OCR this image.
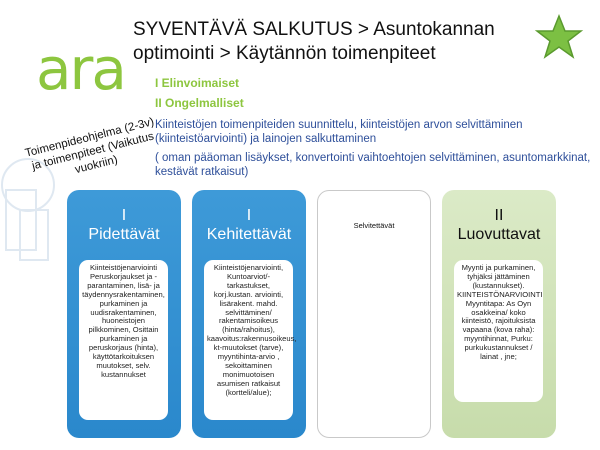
ara
SYVENTÄVÄ SALKUTUS > Asuntokannan optimointi > Käytännön toimenpiteet

I Elinvoimaiset

II Ongelmalliset

Kiinteistöjen toimenpiteiden suunnittelu, kiinteistöjen arvon selvittäminen (kiinteistöarviointi) ja lainojen salkuttaminen

( oman pääoman lisäykset, konvertointi vaihtoehtojen selvittäminen, asuntomarkkinat, kestävät ratkaisut)

Toimenpideohjelma (2-3v) ja toimenpiteet (Vaikutus vuokriin)
I
Pidettävät
Kiinteistöjenarviointi Peruskorjaukset ja -parantaminen, lisä- ja täydennysrakentaminen, purkaminen ja uudisrakentaminen, huoneistojen pilkkominen, Osittain purkaminen ja peruskorjaus (hinta), käyttötarkoituksen muutokset, selv. kustannukset
I
Kehitettävät
Kiinteistöjenarviointi, Kuntoarviot/-tarkastukset, korj.kustan. arviointi, lisärakent. mahd. selvittäminen/ rakentamisoikeus (hinta/rahoitus), kaavoitus:rakennusoikeus, kt-muutokset (tarve), myyntihinta-arvio , sekoittaminen monimuotoisen asumisen ratkaisut (kortteli/alue);
Selvitettävät
II
Luovuttavat
Myynti ja purkaminen, tyhjäksi jättäminen (kustannukset). KIINTEISTÖNARVIOINTI Myyntitapa: As Oyn osakkeina/ koko kiinteistö, rajoituksista vapaana (kova raha): myyntihinnat, Purku: purkukustannukset / lainat , jne;
